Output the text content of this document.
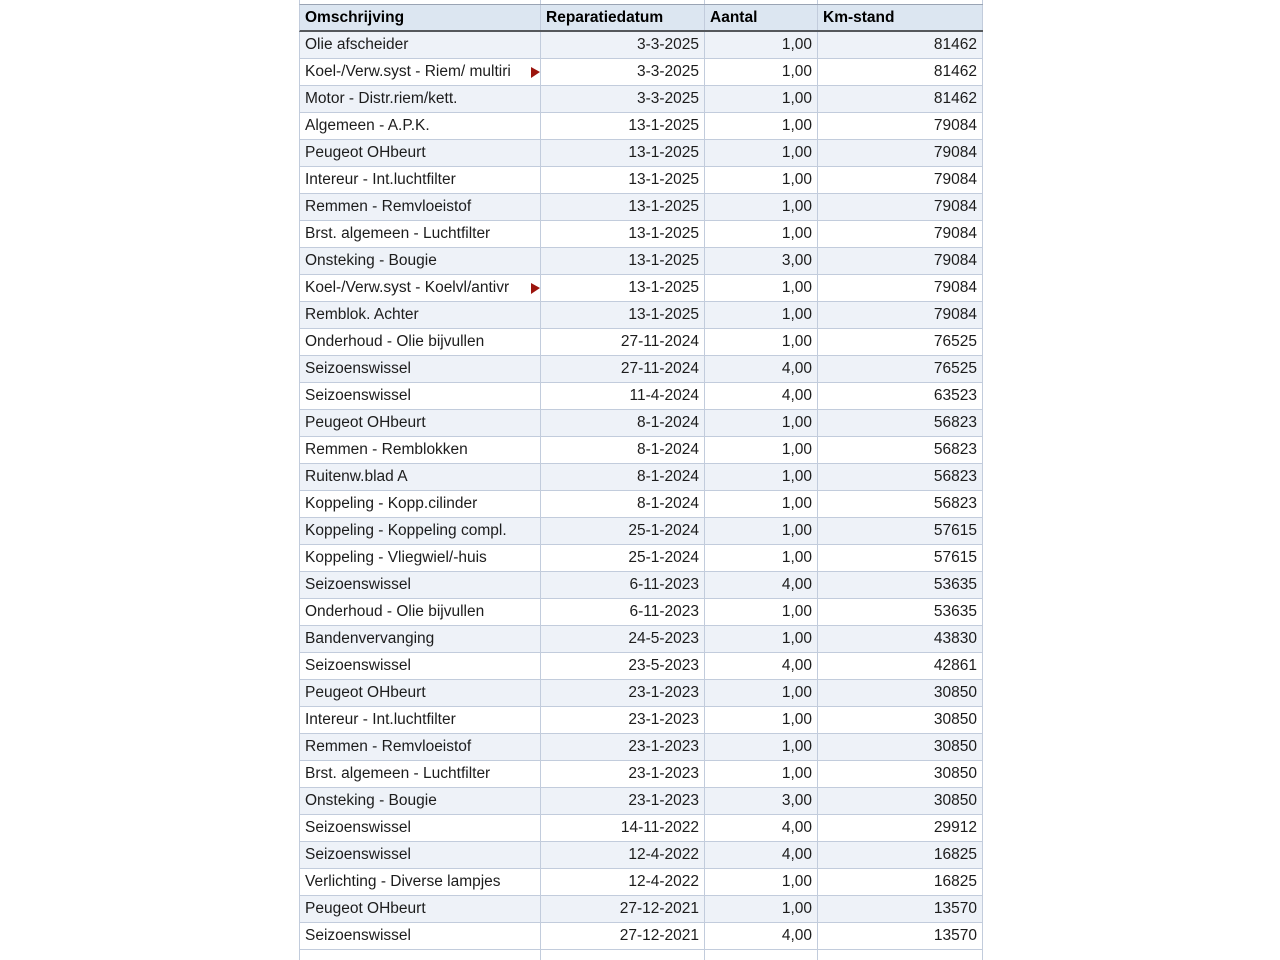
Omschrijving	Reparatiedatum	Aantal	Km-stand
Olie afscheider	3-3-2025	1,00	81462
Koel-/Verw.syst - Riem/ multiri	3-3-2025	1,00	81462
Motor - Distr.riem/kett.	3-3-2025	1,00	81462
Algemeen - A.P.K.	13-1-2025	1,00	79084
Peugeot OHbeurt	13-1-2025	1,00	79084
Intereur - Int.luchtfilter	13-1-2025	1,00	79084
Remmen - Remvloeistof	13-1-2025	1,00	79084
Brst. algemeen - Luchtfilter	13-1-2025	1,00	79084
Onsteking - Bougie	13-1-2025	3,00	79084
Koel-/Verw.syst - Koelvl/antivr	13-1-2025	1,00	79084
Remblok. Achter	13-1-2025	1,00	79084
Onderhoud - Olie bijvullen	27-11-2024	1,00	76525
Seizoenswissel	27-11-2024	4,00	76525
Seizoenswissel	11-4-2024	4,00	63523
Peugeot OHbeurt	8-1-2024	1,00	56823
Remmen - Remblokken	8-1-2024	1,00	56823
Ruitenw.blad A	8-1-2024	1,00	56823
Koppeling - Kopp.cilinder	8-1-2024	1,00	56823
Koppeling - Koppeling compl.	25-1-2024	1,00	57615
Koppeling - Vliegwiel/-huis	25-1-2024	1,00	57615
Seizoenswissel	6-11-2023	4,00	53635
Onderhoud - Olie bijvullen	6-11-2023	1,00	53635
Bandenvervanging	24-5-2023	1,00	43830
Seizoenswissel	23-5-2023	4,00	42861
Peugeot OHbeurt	23-1-2023	1,00	30850
Intereur - Int.luchtfilter	23-1-2023	1,00	30850
Remmen - Remvloeistof	23-1-2023	1,00	30850
Brst. algemeen - Luchtfilter	23-1-2023	1,00	30850
Onsteking - Bougie	23-1-2023	3,00	30850
Seizoenswissel	14-11-2022	4,00	29912
Seizoenswissel	12-4-2022	4,00	16825
Verlichting - Diverse lampjes	12-4-2022	1,00	16825
Peugeot OHbeurt	27-12-2021	1,00	13570
Seizoenswissel	27-12-2021	4,00	13570
